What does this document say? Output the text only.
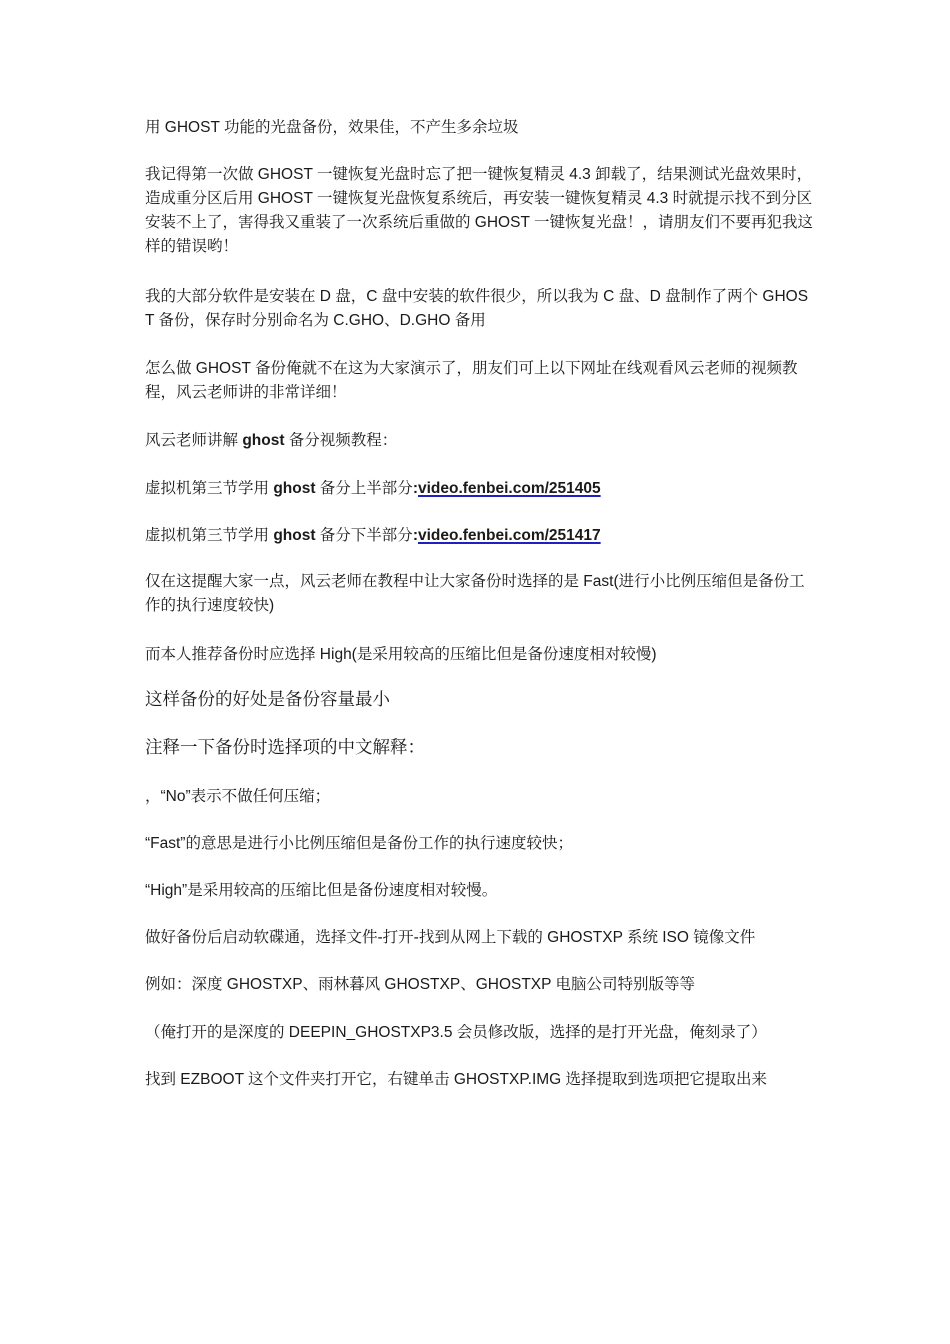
用 GHOST 功能的光盘备份，效果佳，不产生多余垃圾

我记得第一次做 GHOST 一键恢复光盘时忘了把一键恢复精灵 4.3 卸载了，结果测试光盘效果时，造成重分区后用 GHOST 一键恢复光盘恢复系统后，再安装一键恢复精灵 4.3 时就提示找不到分区安装不上了，害得我又重装了一次系统后重做的 GHOST 一键恢复光盘！，请朋友们不要再犯我这样的错误哟！

我的大部分软件是安装在 D 盘，C 盘中安装的软件很少，所以我为 C 盘、D 盘制作了两个 GHOST 备份，保存时分别命名为 C.GHO、D.GHO 备用

怎么做 GHOST 备份俺就不在这为大家演示了，朋友们可上以下网址在线观看风云老师的视频教程，风云老师讲的非常详细！

风云老师讲解 ghost 备分视频教程：

虚拟机第三节学用 ghost 备分上半部分:video.fenbei.com/251405

虚拟机第三节学用 ghost 备分下半部分:video.fenbei.com/251417

仅在这提醒大家一点，风云老师在教程中让大家备份时选择的是 Fast(进行小比例压缩但是备份工作的执行速度较快)

而本人推荐备份时应选择 High(是采用较高的压缩比但是备份速度相对较慢)

这样备份的好处是备份容量最小

注释一下备份时选择项的中文解释：

，“No”表示不做任何压缩；

“Fast”的意思是进行小比例压缩但是备份工作的执行速度较快；

“High”是采用较高的压缩比但是备份速度相对较慢。

做好备份后启动软碟通，选择文件-打开-找到从网上下载的 GHOSTXP 系统 ISO 镜像文件

例如：深度 GHOSTXP、雨林暮风 GHOSTXP、GHOSTXP 电脑公司特别版等等

（俺打开的是深度的 DEEPIN_GHOSTXP3.5 会员修改版，选择的是打开光盘，俺刻录了）

找到 EZBOOT 这个文件夹打开它，右键单击 GHOSTXP.IMG 选择提取到选项把它提取出来
